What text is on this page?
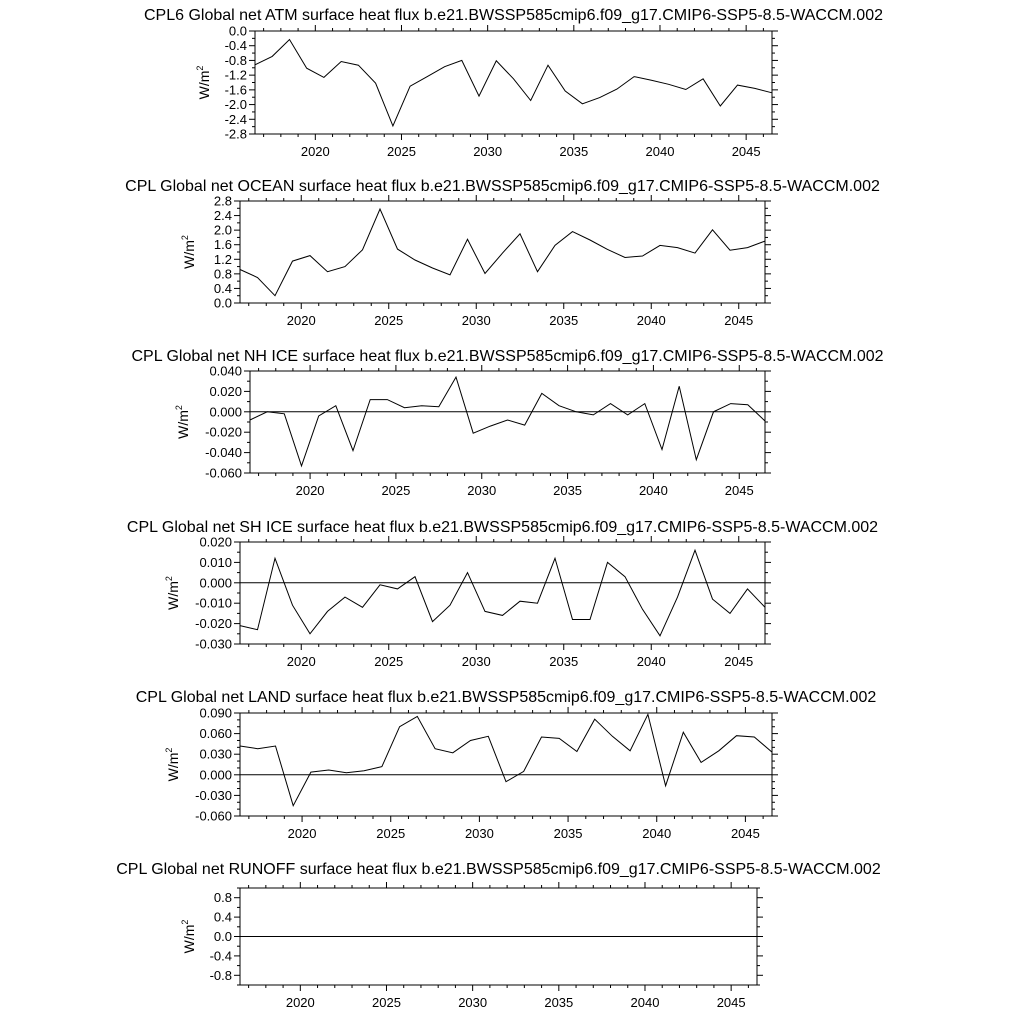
CPL6 Global net ATM surface heat flux b.e21.BWSSP585cmip6.f09_g17.CMIP6-SSP5-8.5-WACCM.002
2020	2025	2030	2035	2040	2045
0.0
-0.4
-0.8
-1.2
-1.6
-2.0
-2.4
-2.8
$W/m^2$
CPL Global net OCEAN surface heat flux b.e21.BWSSP585cmip6.f09_g17.CMIP6-SSP5-8.5-WACCM.002
2020	2025	2030	2035	2040	2045
2.8
2.4
2.0
1.6
1.2
0.8
0.4
0.0
$W/m^2$
CPL Global net NH ICE surface heat flux b.e21.BWSSP585cmip6.f09_g17.CMIP6-SSP5-8.5-WACCM.002
2020	2025	2030	2035	2040	2045
0.040
0.020
0.000
-0.020
-0.040
-0.060
$W/m^2$
CPL Global net SH ICE surface heat flux b.e21.BWSSP585cmip6.f09_g17.CMIP6-SSP5-8.5-WACCM.002
2020	2025	2030	2035	2040	2045
0.020
0.010
0.000
-0.010
-0.020
-0.030
$W/m^2$
CPL Global net LAND surface heat flux b.e21.BWSSP585cmip6.f09_g17.CMIP6-SSP5-8.5-WACCM.002
2020	2025	2030	2035	2040	2045
0.090
0.060
0.030
0.000
-0.030
-0.060
$W/m^2$
CPL Global net RUNOFF surface heat flux b.e21.BWSSP585cmip6.f09_g17.CMIP6-SSP5-8.5-WACCM.002
2020	2025	2030	2035	2040	2045
0.8
0.4
0.0
-0.4
-0.8
$W/m^2$
